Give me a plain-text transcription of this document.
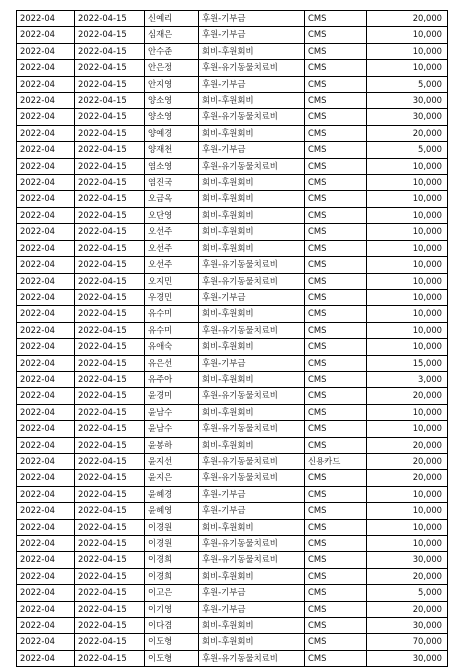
2022-04	2022-04-15	신예리	후원-기부금	CMS	20,000
2022-04	2022-04-15	심재은	후원-기부금	CMS	10,000
2022-04	2022-04-15	안수준	회비-후원회비	CMS	10,000
2022-04	2022-04-15	안은정	후원-유기동물치료비	CMS	10,000
2022-04	2022-04-15	안지영	후원-기부금	CMS	5,000
2022-04	2022-04-15	양소영	회비-후원회비	CMS	30,000
2022-04	2022-04-15	양소영	후원-유기동물치료비	CMS	30,000
2022-04	2022-04-15	양예경	회비-후원회비	CMS	20,000
2022-04	2022-04-15	양재천	후원-기부금	CMS	5,000
2022-04	2022-04-15	염소영	후원-유기동물치료비	CMS	10,000
2022-04	2022-04-15	염진국	회비-후원회비	CMS	10,000
2022-04	2022-04-15	오금옥	회비-후원회비	CMS	10,000
2022-04	2022-04-15	오단영	회비-후원회비	CMS	10,000
2022-04	2022-04-15	오선주	회비-후원회비	CMS	10,000
2022-04	2022-04-15	오선주	회비-후원회비	CMS	10,000
2022-04	2022-04-15	오선주	후원-유기동물치료비	CMS	10,000
2022-04	2022-04-15	오지민	후원-유기동물치료비	CMS	10,000
2022-04	2022-04-15	우경민	후원-기부금	CMS	10,000
2022-04	2022-04-15	유수미	회비-후원회비	CMS	10,000
2022-04	2022-04-15	유수미	후원-유기동물치료비	CMS	10,000
2022-04	2022-04-15	유애숙	회비-후원회비	CMS	10,000
2022-04	2022-04-15	유은선	후원-기부금	CMS	15,000
2022-04	2022-04-15	유주아	회비-후원회비	CMS	3,000
2022-04	2022-04-15	윤경미	후원-유기동물치료비	CMS	20,000
2022-04	2022-04-15	윤남수	회비-후원회비	CMS	10,000
2022-04	2022-04-15	윤남수	후원-유기동물치료비	CMS	10,000
2022-04	2022-04-15	윤봉하	회비-후원회비	CMS	20,000
2022-04	2022-04-15	윤지선	후원-유기동물치료비	신용카드	20,000
2022-04	2022-04-15	윤지은	후원-유기동물치료비	CMS	20,000
2022-04	2022-04-15	윤혜경	후원-기부금	CMS	10,000
2022-04	2022-04-15	윤혜영	후원-기부금	CMS	10,000
2022-04	2022-04-15	이경원	회비-후원회비	CMS	10,000
2022-04	2022-04-15	이경원	후원-유기동물치료비	CMS	10,000
2022-04	2022-04-15	이경희	후원-유기동물치료비	CMS	30,000
2022-04	2022-04-15	이경희	회비-후원회비	CMS	20,000
2022-04	2022-04-15	이고은	후원-기부금	CMS	5,000
2022-04	2022-04-15	이기영	후원-기부금	CMS	20,000
2022-04	2022-04-15	이다겸	회비-후원회비	CMS	30,000
2022-04	2022-04-15	이도형	회비-후원회비	CMS	70,000
2022-04	2022-04-15	이도형	후원-유기동물치료비	CMS	30,000
